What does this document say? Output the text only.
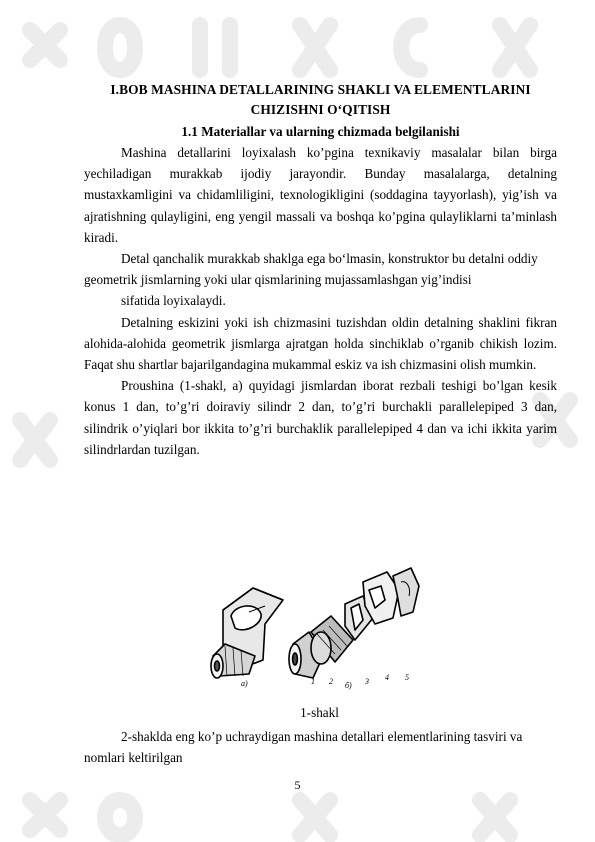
I.BOB MASHINA DETALLARINING SHAKLI VA ELEMENTLARINI CHIZISHNI O‘QITISH
1.1 Materiallar va ularning chizmada belgilanishi

Mashina detallarini loyixalash ko’pgina texnikaviy masalalar bilan birga yechiladigan murakkab ijodiy jarayondir. Bunday masalalarga, detalning mustaxkamligini va chidamliligini, texnologikligini (soddagina tayyorlash), yig’ish va ajratishning qulayligini, eng yengil massali va boshqa ko’pgina qulayliklarni ta’minlash kiradi.

Detal qanchalik murakkab shaklga ega bo‘lmasin, konstruktor bu detalni oddiy geometrik jismlarning yoki ular qismlarining mujassamlashgan yig’indisi

sifatida loyixalaydi.

Detalning eskizini yoki ish chizmasini tuzishdan oldin detalning shaklini fikran alohida-alohida geometrik jismlarga ajratgan holda sinchiklab o’rganib chikish lozim. Faqat shu shartlar bajarilgandagina mukammal eskiz va ish chizmasini olish mumkin.

Proushina (1-shakl, a) quyidagi jismlardan iborat rezbali teshigi bo’lgan kesik konus 1 dan, to’g’ri doiraviy silindr 2 dan, to’g’ri burchakli parallelepiped 3 dan, silindrik o’yiqlari bor ikkita to’g’ri burchaklik parallelepiped 4 dan va ichi ikkita yarim silindrlardan tuzilgan.

a)	1 2 б) 3 4 5
1-shakl

2-shaklda eng ko’p uchraydigan mashina detallari elementlarining tasviri va nomlari keltirilgan

5
